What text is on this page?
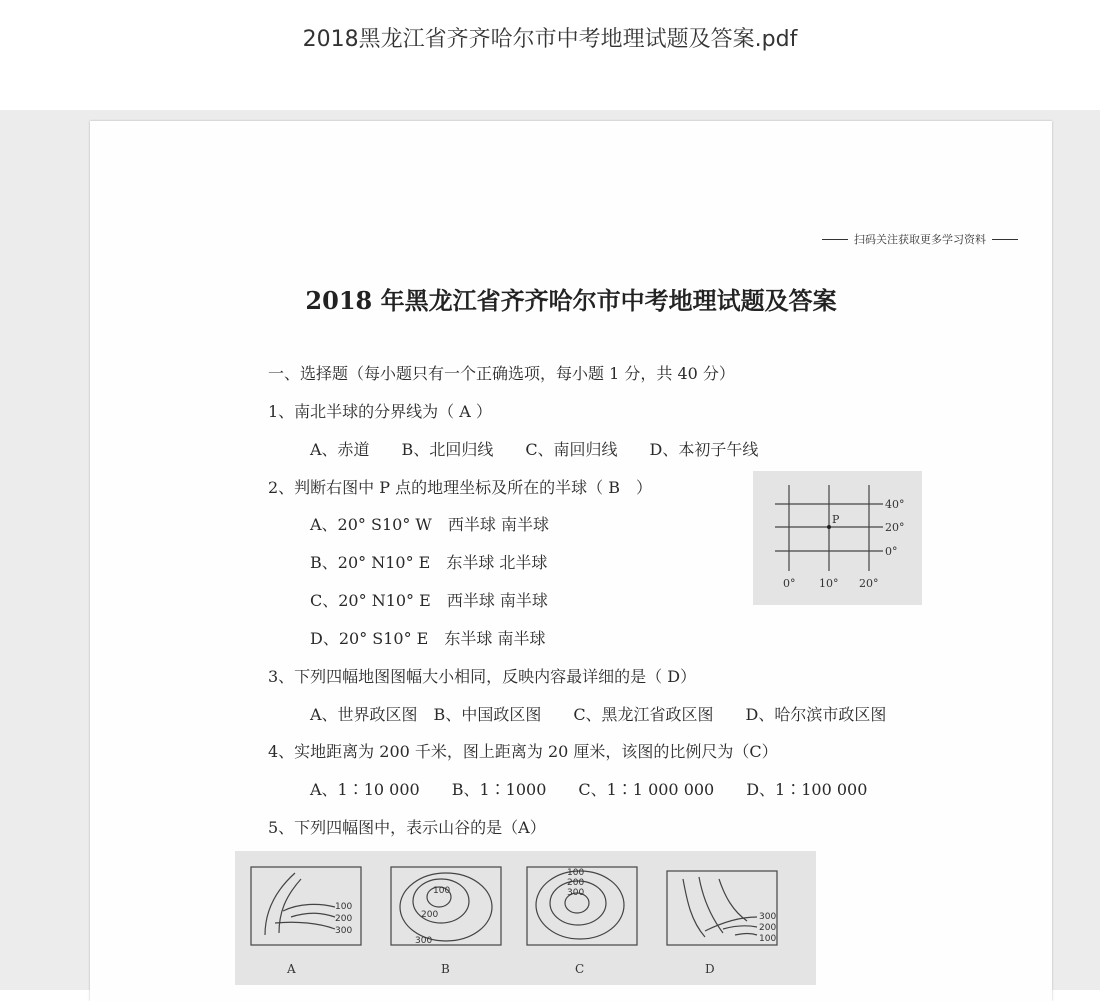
2018黑龙江省齐齐哈尔市中考地理试题及答案.pdf
扫码关注获取更多学习资料
2018 年黑龙江省齐齐哈尔市中考地理试题及答案
一、选择题（每小题只有一个正确选项，每小题 1 分，共 40 分）
1、南北半球的分界线为（ A ）
A、赤道　　B、北回归线　　C、南回归线　　D、本初子午线
2、判断右图中 P 点的地理坐标及所在的半球（ B　）
A、20° S10° W　西半球 南半球
B、20° N10° E　东半球 北半球
C、20° N10° E　西半球 南半球
D、20° S10° E　东半球 南半球
3、下列四幅地图图幅大小相同，反映内容最详细的是（ D）
A、世界政区图　B、中国政区图　　C、黑龙江省政区图　　D、哈尔滨市政区图
4、实地距离为 200 千米，图上距离为 20 厘米，该图的比例尺为（C）
A、1∶10 000　　B、1∶1000　　C、1∶1 000 000　　D、1∶100 000
5、下列四幅图中，表示山谷的是（A）
P
40°
20°
0°
0° 10° 20°
100
200
300
100
200
300
100
200
300
300
200
100
A	B	C	D
